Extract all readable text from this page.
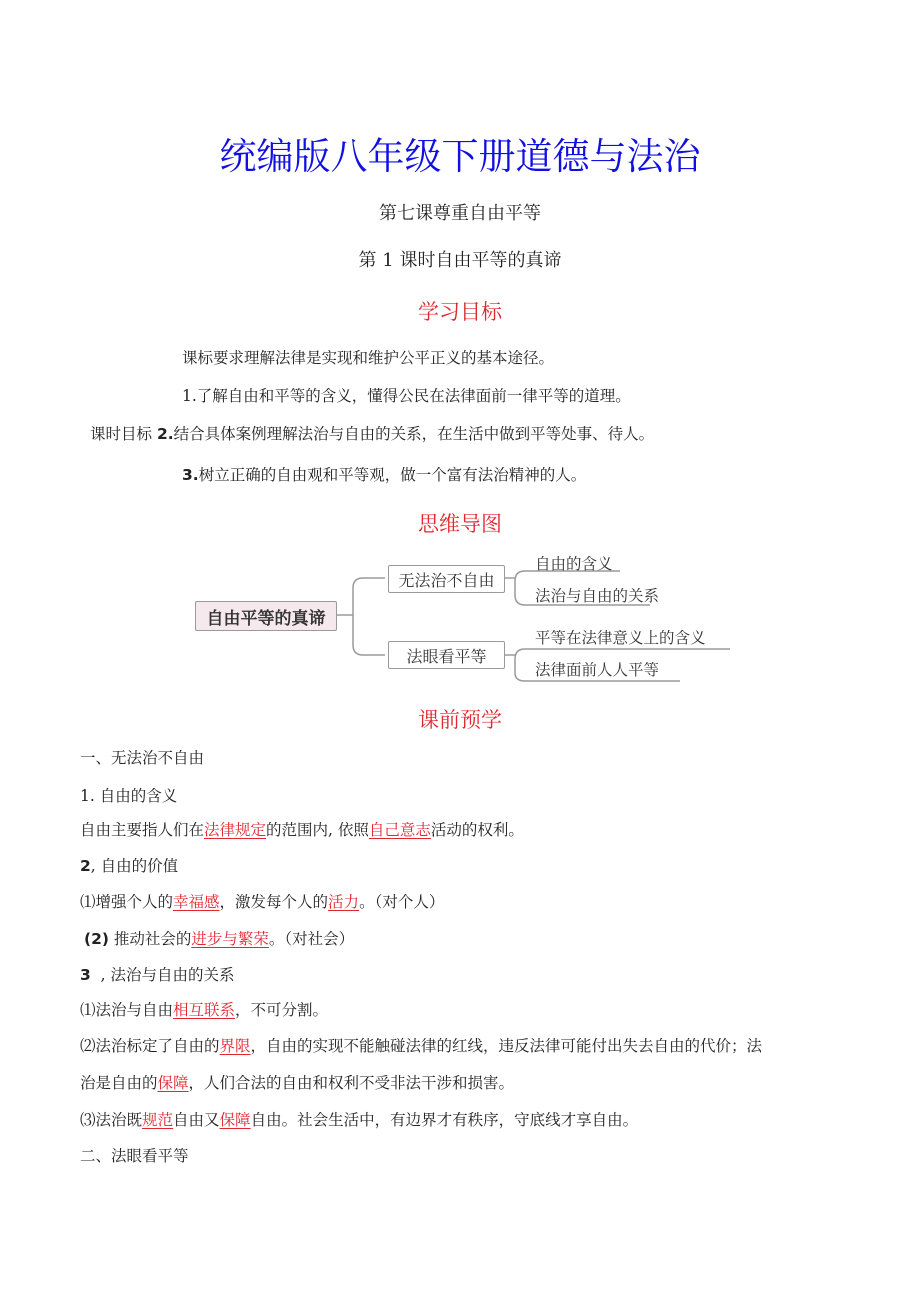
统编版八年级下册道德与法治
第七课尊重自由平等
第 1 课时自由平等的真谛
学习目标
课标要求理解法律是实现和维护公平正义的基本途径。
1.了解自由和平等的含义，懂得公民在法律面前一律平等的道理。
课时目标 2.结合具体案例理解法治与自由的关系，在生活中做到平等处事、待人。
3.树立正确的自由观和平等观，做一个富有法治精神的人。
思维导图
自由平等的真谛
无法治不自由
法眼看平等
自由的含义
法治与自由的关系
平等在法律意义上的含义
法律面前人人平等
课前预学
一、无法治不自由
1. 自由的含义
自由主要指人们在法律规定的范围内, 依照自己意志活动的权利。
2, 自由的价值
⑴增强个人的幸福感，激发每个人的活力。（对个人）
(2) 推动社会的进步与繁荣。（对社会）
3  , 法治与自由的关系
⑴法治与自由相互联系，不可分割。
⑵法治标定了自由的界限，自由的实现不能触碰法律的红线，违反法律可能付出失去自由的代价；法
治是自由的保障，人们合法的自由和权利不受非法干涉和损害。
⑶法治既规范自由又保障自由。社会生活中，有边界才有秩序，守底线才享自由。
二、法眼看平等
